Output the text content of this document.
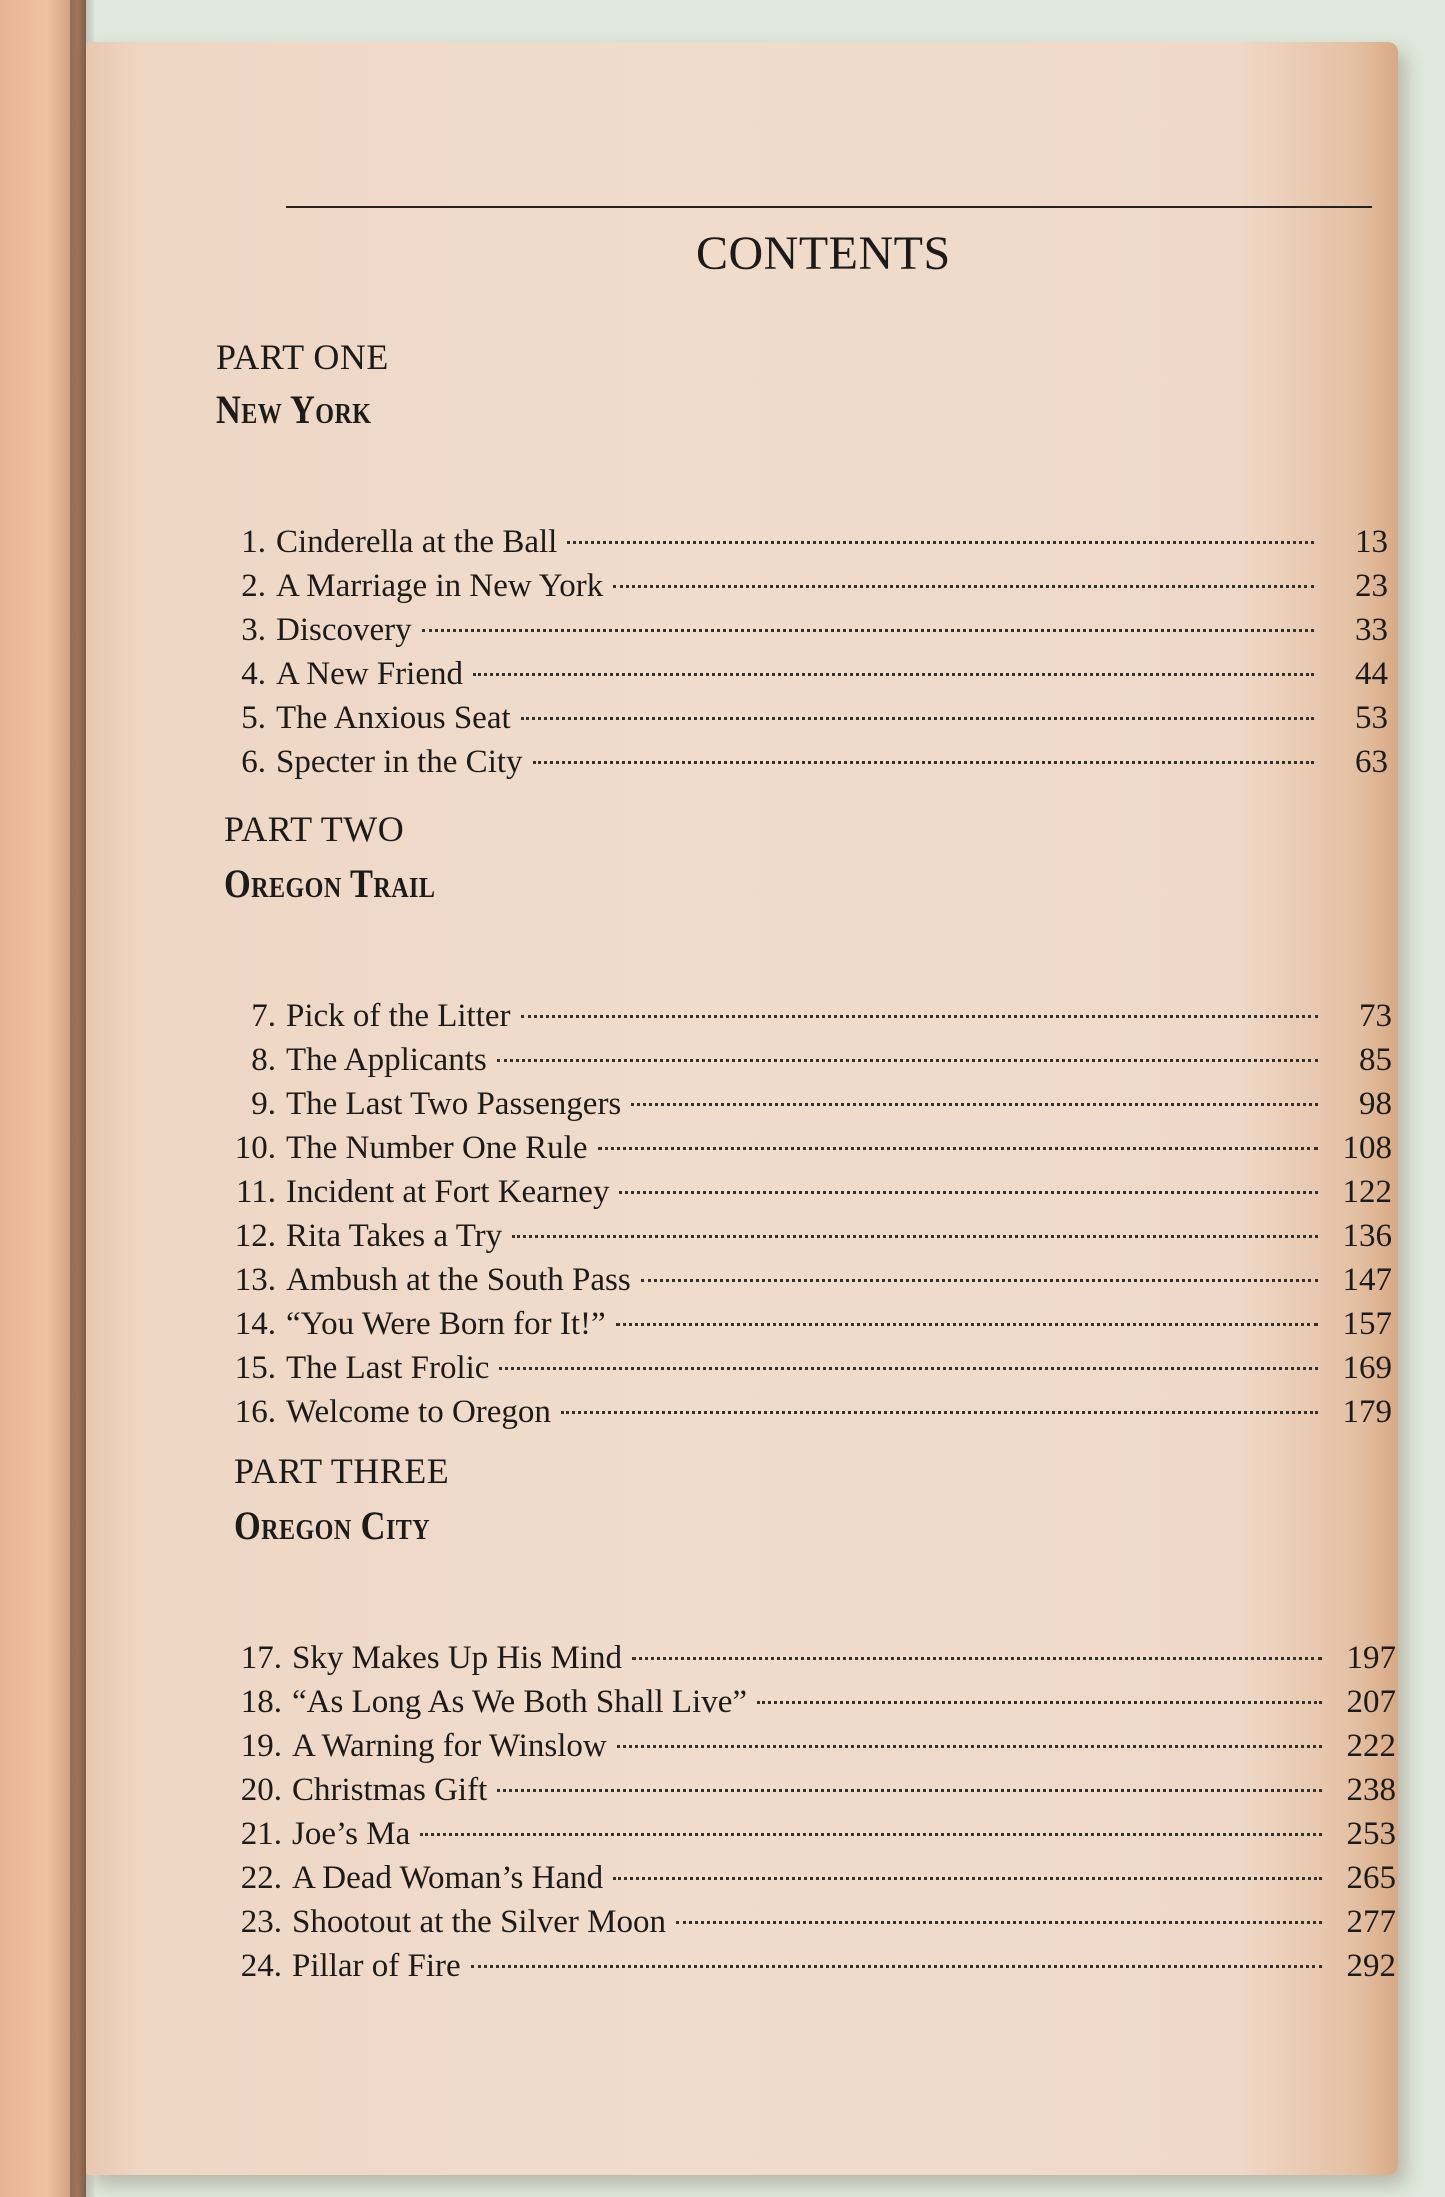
CONTENTS
PART ONE
New York
1. Cinderella at the Ball	13
2. A Marriage in New York	23
3. Discovery	33
4. A New Friend	44
5. The Anxious Seat	53
6. Specter in the City	63
PART TWO
Oregon Trail
7. Pick of the Litter	73
8. The Applicants	85
9. The Last Two Passengers	98
10. The Number One Rule	108
11. Incident at Fort Kearney	122
12. Rita Takes a Try	136
13. Ambush at the South Pass	147
14. “You Were Born for It!”	157
15. The Last Frolic	169
16. Welcome to Oregon	179
PART THREE
Oregon City
17. Sky Makes Up His Mind	197
18. “As Long As We Both Shall Live”	207
19. A Warning for Winslow	222
20. Christmas Gift	238
21. Joe’s Ma	253
22. A Dead Woman’s Hand	265
23. Shootout at the Silver Moon	277
24. Pillar of Fire	292
